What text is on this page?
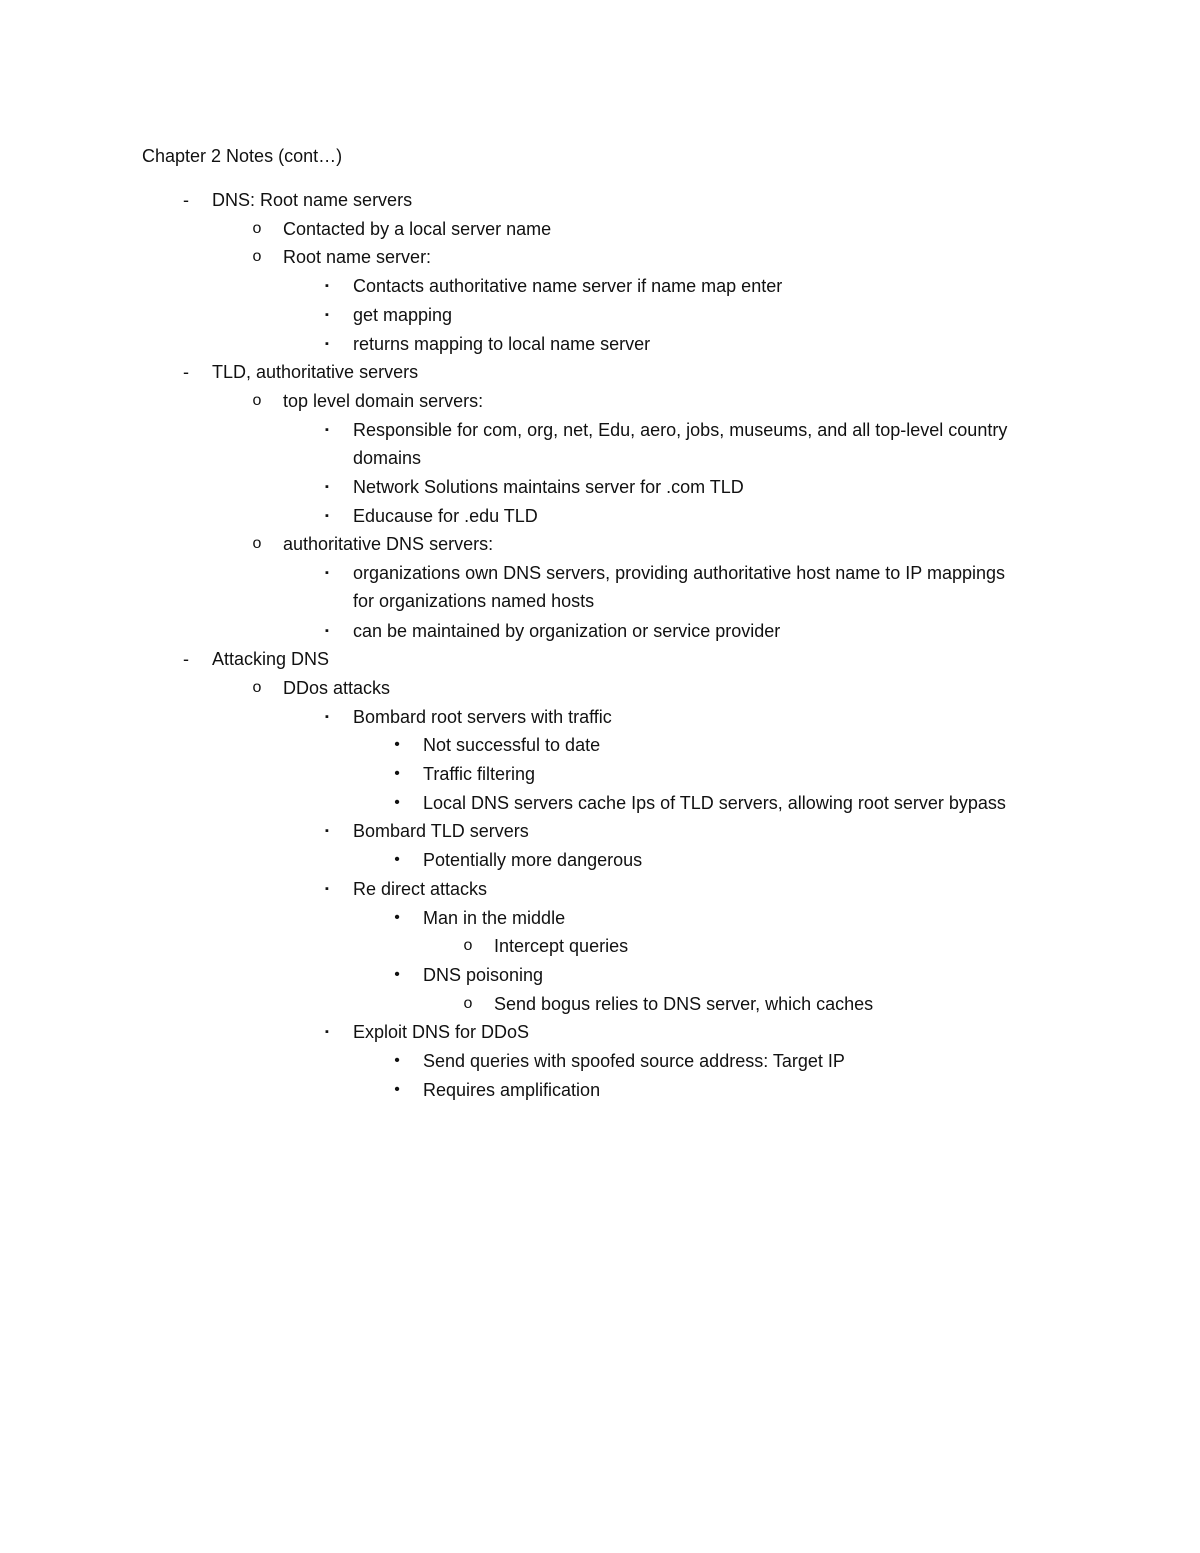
Chapter 2 Notes (cont…)
-	DNS: Root name servers
o	Contacted by a local server name
o	Root name server:
▪	Contacts authoritative name server if name map enter
▪	get mapping
▪	returns mapping to local name server
-	TLD, authoritative servers
o	top level domain servers:
▪	Responsible for com, org, net, Edu, aero, jobs, museums, and all top-level country domains
▪	Network Solutions maintains server for .com TLD
▪	Educause for .edu TLD
o	authoritative DNS servers:
▪	organizations own DNS servers, providing authoritative host name to IP mappings for organizations named hosts
▪	can be maintained by organization or service provider
-	Attacking DNS
o	DDos attacks
▪	Bombard root servers with traffic
•	Not successful to date
•	Traffic filtering
•	Local DNS servers cache Ips of TLD servers, allowing root server bypass
▪	Bombard TLD servers
•	Potentially more dangerous
▪	Re direct attacks
•	Man in the middle
o	Intercept queries
•	DNS poisoning
o	Send bogus relies to DNS server, which caches
▪	Exploit DNS for DDoS
•	Send queries with spoofed source address: Target IP
•	Requires amplification
